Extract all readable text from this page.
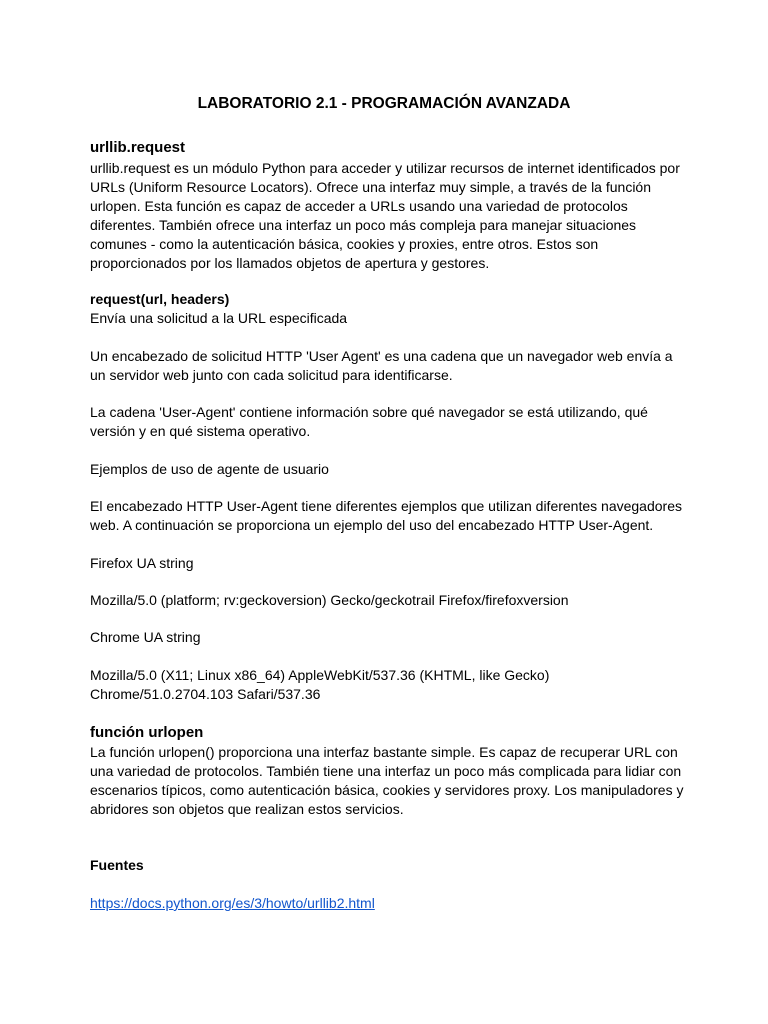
LABORATORIO 2.1 - PROGRAMACIÓN AVANZADA
urllib.request
urllib.request es un módulo Python para acceder y utilizar recursos de internet identificados por
URLs (Uniform Resource Locators). Ofrece una interfaz muy simple, a través de la función
urlopen. Esta función es capaz de acceder a URLs usando una variedad de protocolos
diferentes. También ofrece una interfaz un poco más compleja para manejar situaciones
comunes - como la autenticación básica, cookies y proxies, entre otros. Estos son
proporcionados por los llamados objetos de apertura y gestores.
request(url, headers)
Envía una solicitud a la URL especificada
Un encabezado de solicitud HTTP 'User Agent' es una cadena que un navegador web envía a
un servidor web junto con cada solicitud para identificarse.
La cadena 'User-Agent' contiene información sobre qué navegador se está utilizando, qué
versión y en qué sistema operativo.
Ejemplos de uso de agente de usuario
El encabezado HTTP User-Agent tiene diferentes ejemplos que utilizan diferentes navegadores
web. A continuación se proporciona un ejemplo del uso del encabezado HTTP User-Agent.
Firefox UA string
Mozilla/5.0 (platform; rv:geckoversion) Gecko/geckotrail Firefox/firefoxversion
Chrome UA string
Mozilla/5.0 (X11; Linux x86_64) AppleWebKit/537.36 (KHTML, like Gecko)
Chrome/51.0.2704.103 Safari/537.36
función urlopen
La función urlopen() proporciona una interfaz bastante simple. Es capaz de recuperar URL con
una variedad de protocolos. También tiene una interfaz un poco más complicada para lidiar con
escenarios típicos, como autenticación básica, cookies y servidores proxy. Los manipuladores y
abridores son objetos que realizan estos servicios.
Fuentes
https://docs.python.org/es/3/howto/urllib2.html
